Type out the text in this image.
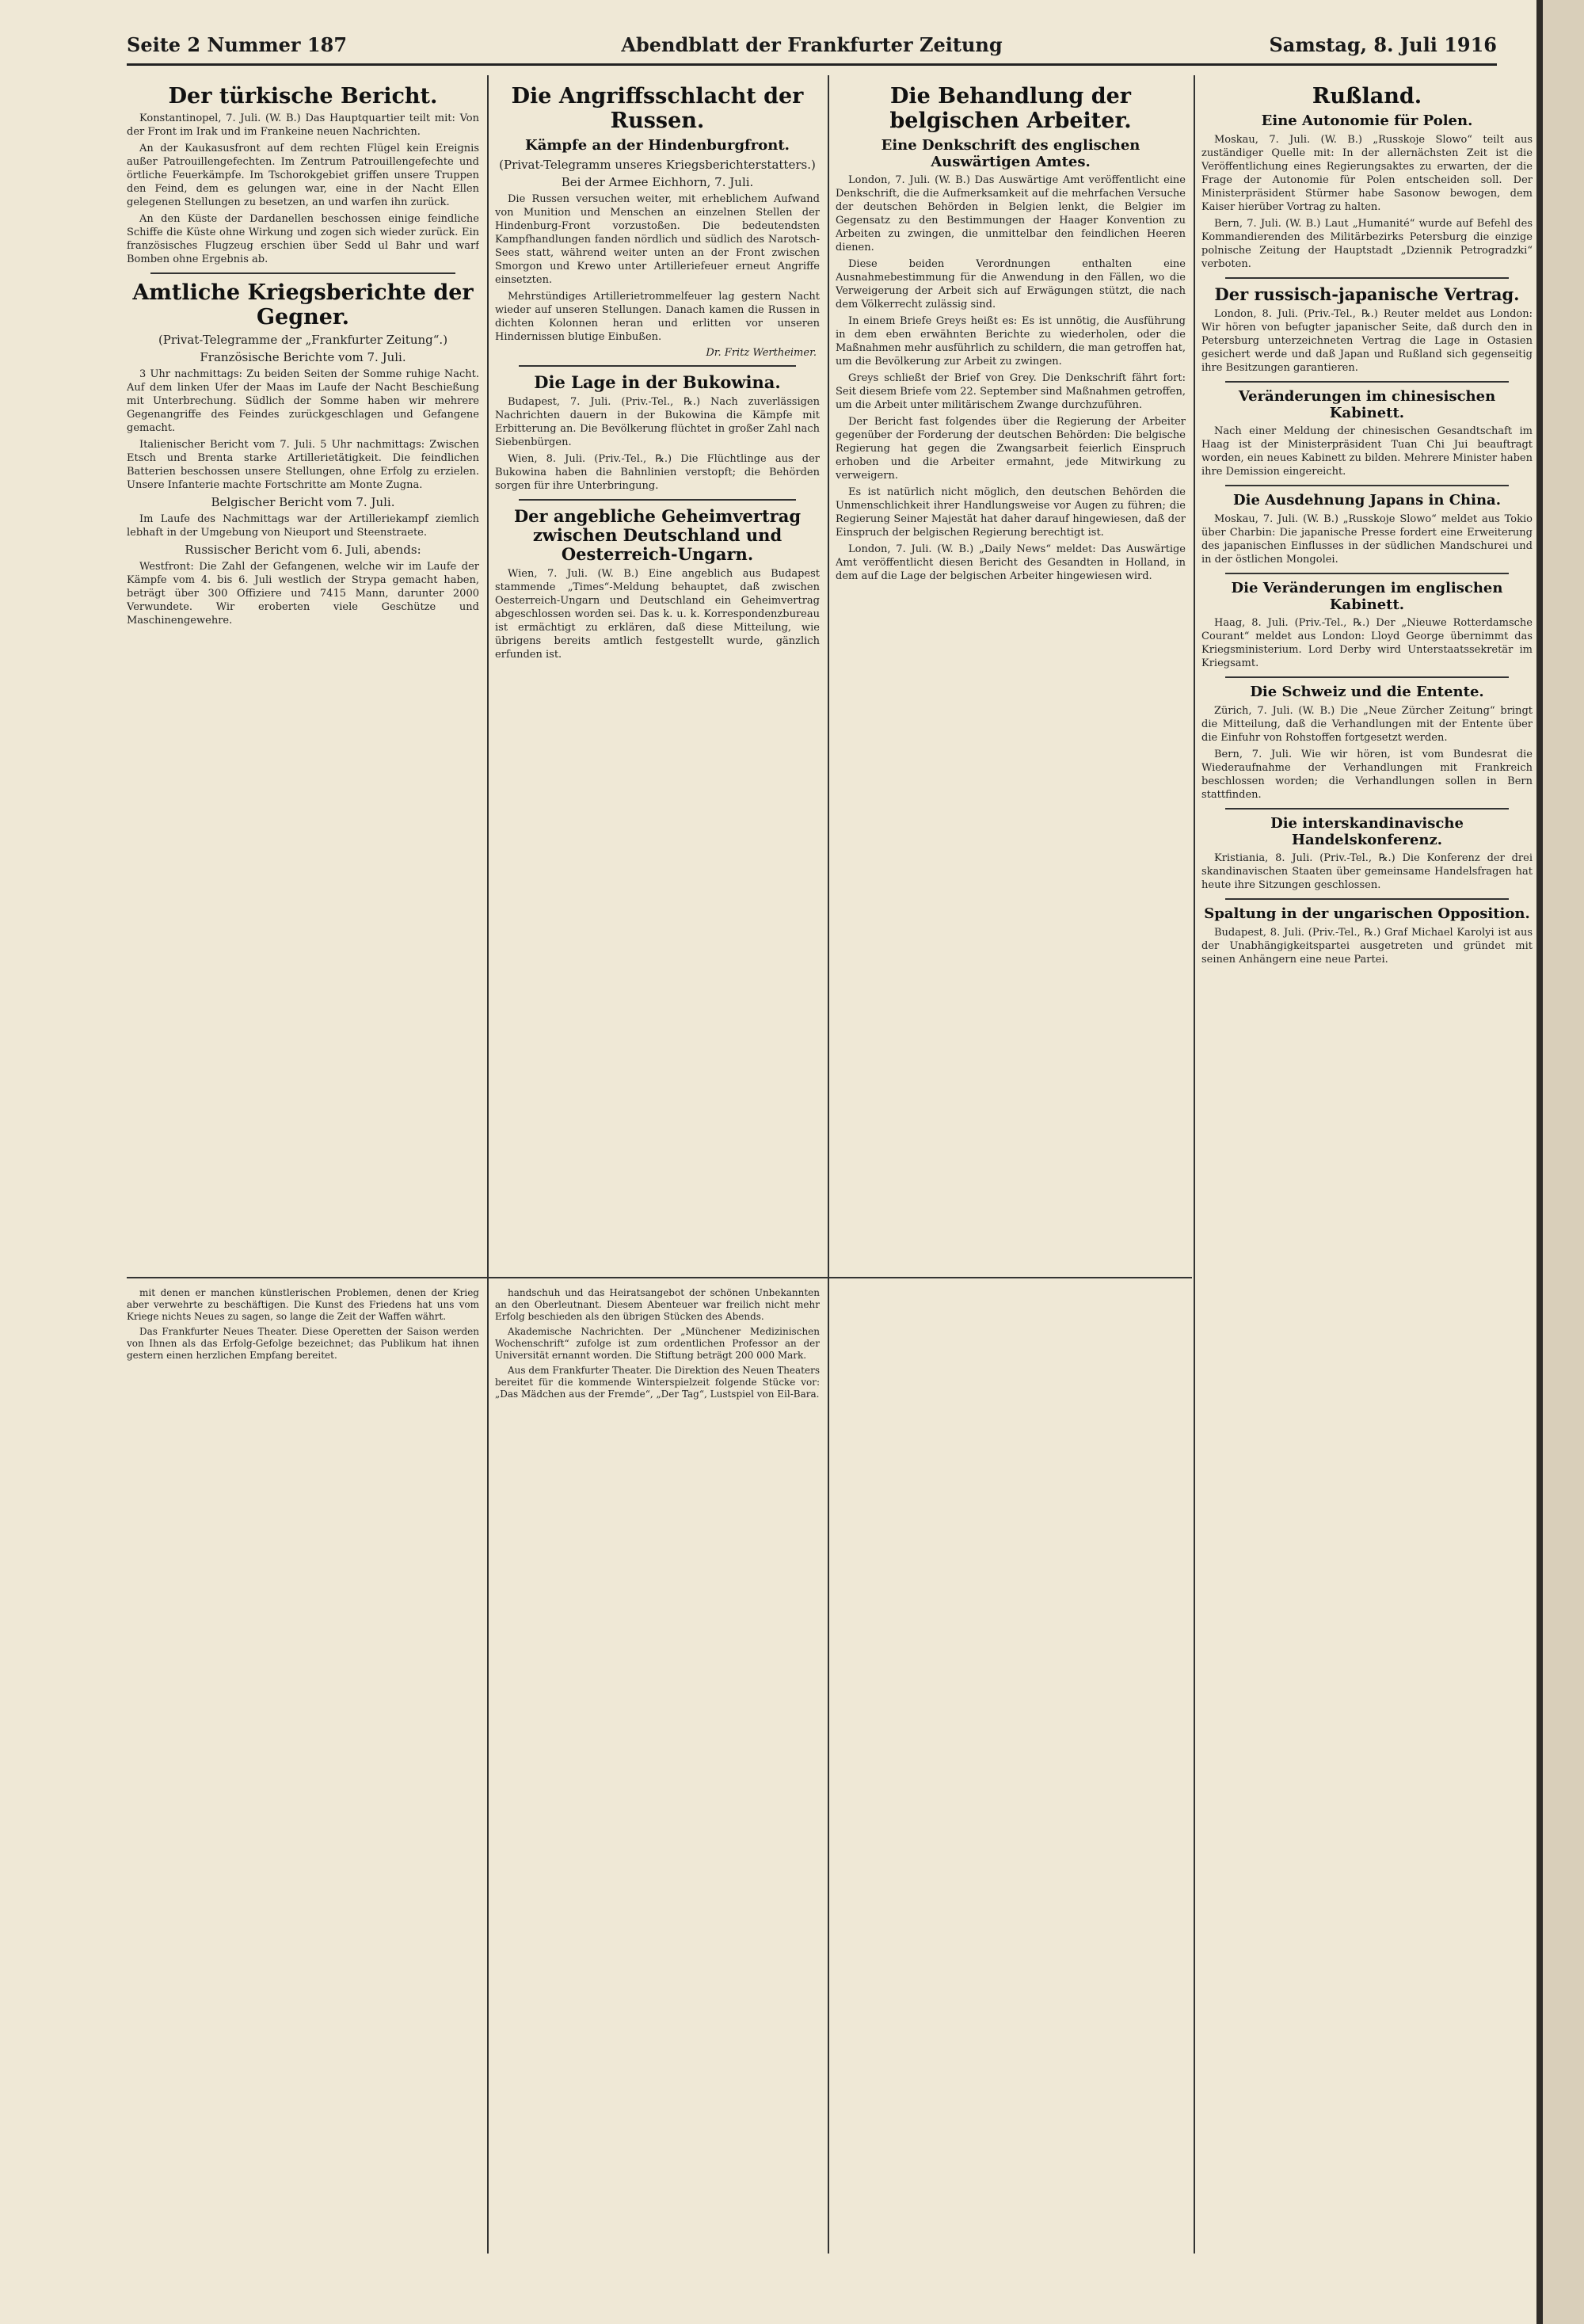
Seite 2 Nummer 187	Abendblatt der Frankfurter Zeitung	Samstag, 8. Juli 1916
Der türkische Bericht.

Konstantinopel, 7. Juli. (W. B.) Das Hauptquartier teilt mit: Von der Front im Irak und im Frankeine neuen Nachrichten.

An der Kaukasusfront auf dem rechten Flügel kein Ereignis außer Patrouillengefechten. Im Zentrum Patrouillengefechte und örtliche Feuerkämpfe. Im Tschorokgebiet griffen unsere Truppen den Feind, dem es gelungen war, eine in der Nacht Ellen gelegenen Stellungen zu besetzen, an und warfen ihn zurück.

An den Küste der Dardanellen beschossen einige feindliche Schiffe die Küste ohne Wirkung und zogen sich wieder zurück. Ein französisches Flugzeug erschien über Sedd ul Bahr und warf Bomben ohne Ergebnis ab.

Amtliche Kriegsberichte der Gegner.
(Privat-Telegramme der „Frankfurter Zeitung“.)
Französische Berichte vom 7. Juli.

3 Uhr nachmittags: Zu beiden Seiten der Somme ruhige Nacht. Auf dem linken Ufer der Maas im Laufe der Nacht Beschießung mit Unterbrechung. Südlich der Somme haben wir mehrere Gegenangriffe des Feindes zurückgeschlagen und Gefangene gemacht.

Italienischer Bericht vom 7. Juli. 5 Uhr nachmittags: Zwischen Etsch und Brenta starke Artillerietätigkeit. Die feindlichen Batterien beschossen unsere Stellungen, ohne Erfolg zu erzielen. Unsere Infanterie machte Fortschritte am Monte Zugna.

Belgischer Bericht vom 7. Juli.

Im Laufe des Nachmittags war der Artilleriekampf ziemlich lebhaft in der Umgebung von Nieuport und Steenstraete.

Russischer Bericht vom 6. Juli, abends:

Westfront: Die Zahl der Gefangenen, welche wir im Laufe der Kämpfe vom 4. bis 6. Juli westlich der Strypa gemacht haben, beträgt über 300 Offiziere und 7415 Mann, darunter 2000 Verwundete. Wir eroberten viele Geschütze und Maschinengewehre.

Die Angriffsschlacht der Russen.
Kämpfe an der Hindenburgfront.
(Privat-Telegramm unseres Kriegsberichterstatters.)
Bei der Armee Eichhorn, 7. Juli.

Die Russen versuchen weiter, mit erheblichem Aufwand von Munition und Menschen an einzelnen Stellen der Hindenburg-Front vorzustoßen. Die bedeutendsten Kampfhandlungen fanden nördlich und südlich des Narotsch-Sees statt, während weiter unten an der Front zwischen Smorgon und Krewo unter Artilleriefeuer erneut Angriffe einsetzten.

Mehrstündiges Artillerietrommelfeuer lag gestern Nacht wieder auf unseren Stellungen. Danach kamen die Russen in dichten Kolonnen heran und erlitten vor unseren Hindernissen blutige Einbußen.

Dr. Fritz Wertheimer.
Die Lage in der Bukowina.

Budapest, 7. Juli. (Priv.-Tel., ℞.) Nach zuverlässigen Nachrichten dauern in der Bukowina die Kämpfe mit Erbitterung an. Die Bevölkerung flüchtet in großer Zahl nach Siebenbürgen.

Wien, 8. Juli. (Priv.-Tel., ℞.) Die Flüchtlinge aus der Bukowina haben die Bahnlinien verstopft; die Behörden sorgen für ihre Unterbringung.

Der angebliche Geheimvertrag zwischen Deutschland und Oesterreich-Ungarn.

Wien, 7. Juli. (W. B.) Eine angeblich aus Budapest stammende „Times“-Meldung behauptet, daß zwischen Oesterreich-Ungarn und Deutschland ein Geheimvertrag abgeschlossen worden sei. Das k. u. k. Korrespondenzbureau ist ermächtigt zu erklären, daß diese Mitteilung, wie übrigens bereits amtlich festgestellt wurde, gänzlich erfunden ist.

Die Behandlung der belgischen Arbeiter.
Eine Denkschrift des englischen Auswärtigen Amtes.

London, 7. Juli. (W. B.) Das Auswärtige Amt veröffentlicht eine Denkschrift, die die Aufmerksamkeit auf die mehrfachen Versuche der deutschen Behörden in Belgien lenkt, die Belgier im Gegensatz zu den Bestimmungen der Haager Konvention zu Arbeiten zu zwingen, die unmittelbar den feindlichen Heeren dienen.

Diese beiden Verordnungen enthalten eine Ausnahmebestimmung für die Anwendung in den Fällen, wo die Verweigerung der Arbeit sich auf Erwägungen stützt, die nach dem Völkerrecht zulässig sind.

In einem Briefe Greys heißt es: Es ist unnötig, die Ausführung in dem eben erwähnten Berichte zu wiederholen, oder die Maßnahmen mehr ausführlich zu schildern, die man getroffen hat, um die Bevölkerung zur Arbeit zu zwingen.

Greys schließt der Brief von Grey. Die Denkschrift fährt fort: Seit diesem Briefe vom 22. September sind Maßnahmen getroffen, um die Arbeit unter militärischem Zwange durchzuführen.

Der Bericht fast folgendes über die Regierung der Arbeiter gegenüber der Forderung der deutschen Behörden: Die belgische Regierung hat gegen die Zwangsarbeit feierlich Einspruch erhoben und die Arbeiter ermahnt, jede Mitwirkung zu verweigern.

Es ist natürlich nicht möglich, den deutschen Behörden die Unmenschlichkeit ihrer Handlungsweise vor Augen zu führen; die Regierung Seiner Majestät hat daher darauf hingewiesen, daß der Einspruch der belgischen Regierung berechtigt ist.

London, 7. Juli. (W. B.) „Daily News“ meldet: Das Auswärtige Amt veröffentlicht diesen Bericht des Gesandten in Holland, in dem auf die Lage der belgischen Arbeiter hingewiesen wird.

Rußland.
Eine Autonomie für Polen.

Moskau, 7. Juli. (W. B.) „Russkoje Slowo“ teilt aus zuständiger Quelle mit: In der allernächsten Zeit ist die Veröffentlichung eines Regierungsaktes zu erwarten, der die Frage der Autonomie für Polen entscheiden soll. Der Ministerpräsident Stürmer habe Sasonow bewogen, dem Kaiser hierüber Vortrag zu halten.

Bern, 7. Juli. (W. B.) Laut „Humanité“ wurde auf Befehl des Kommandierenden des Militärbezirks Petersburg die einzige polnische Zeitung der Hauptstadt „Dziennik Petrogradzki“ verboten.

Der russisch-japanische Vertrag.

London, 8. Juli. (Priv.-Tel., ℞.) Reuter meldet aus London: Wir hören von befugter japanischer Seite, daß durch den in Petersburg unterzeichneten Vertrag die Lage in Ostasien gesichert werde und daß Japan und Rußland sich gegenseitig ihre Besitzungen garantieren.

Veränderungen im chinesischen Kabinett.

Nach einer Meldung der chinesischen Gesandtschaft im Haag ist der Ministerpräsident Tuan Chi Jui beauftragt worden, ein neues Kabinett zu bilden. Mehrere Minister haben ihre Demission eingereicht.

Die Ausdehnung Japans in China.

Moskau, 7. Juli. (W. B.) „Russkoje Slowo“ meldet aus Tokio über Charbin: Die japanische Presse fordert eine Erweiterung des japanischen Einflusses in der südlichen Mandschurei und in der östlichen Mongolei.

Die Veränderungen im englischen Kabinett.

Haag, 8. Juli. (Priv.-Tel., ℞.) Der „Nieuwe Rotterdamsche Courant“ meldet aus London: Lloyd George übernimmt das Kriegsministerium. Lord Derby wird Unterstaatssekretär im Kriegsamt.

Die Schweiz und die Entente.

Zürich, 7. Juli. (W. B.) Die „Neue Zürcher Zeitung“ bringt die Mitteilung, daß die Verhandlungen mit der Entente über die Einfuhr von Rohstoffen fortgesetzt werden.

Bern, 7. Juli. Wie wir hören, ist vom Bundesrat die Wiederaufnahme der Verhandlungen mit Frankreich beschlossen worden; die Verhandlungen sollen in Bern stattfinden.

Die interskandinavische Handelskonferenz.

Kristiania, 8. Juli. (Priv.-Tel., ℞.) Die Konferenz der drei skandinavischen Staaten über gemeinsame Handelsfragen hat heute ihre Sitzungen geschlossen.

Spaltung in der ungarischen Opposition.

Budapest, 8. Juli. (Priv.-Tel., ℞.) Graf Michael Karolyi ist aus der Unabhängigkeitspartei ausgetreten und gründet mit seinen Anhängern eine neue Partei.

mit denen er manchen künstlerischen Problemen, denen der Krieg aber verwehrte zu beschäftigen. Die Kunst des Friedens hat uns vom Kriege nichts Neues zu sagen, so lange die Zeit der Waffen währt.

Das Frankfurter Neues Theater. Diese Operetten der Saison werden von Ihnen als das Erfolg-Gefolge bezeichnet; das Publikum hat ihnen gestern einen herzlichen Empfang bereitet.

handschuh und das Heiratsangebot der schönen Unbekannten an den Oberleutnant. Diesem Abenteuer war freilich nicht mehr Erfolg beschieden als den übrigen Stücken des Abends.

Akademische Nachrichten. Der „Münchener Medizinischen Wochenschrift“ zufolge ist zum ordentlichen Professor an der Universität ernannt worden. Die Stiftung beträgt 200 000 Mark.

Aus dem Frankfurter Theater. Die Direktion des Neuen Theaters bereitet für die kommende Winterspielzeit folgende Stücke vor: „Das Mädchen aus der Fremde“, „Der Tag“, Lustspiel von Eil-Bara.
